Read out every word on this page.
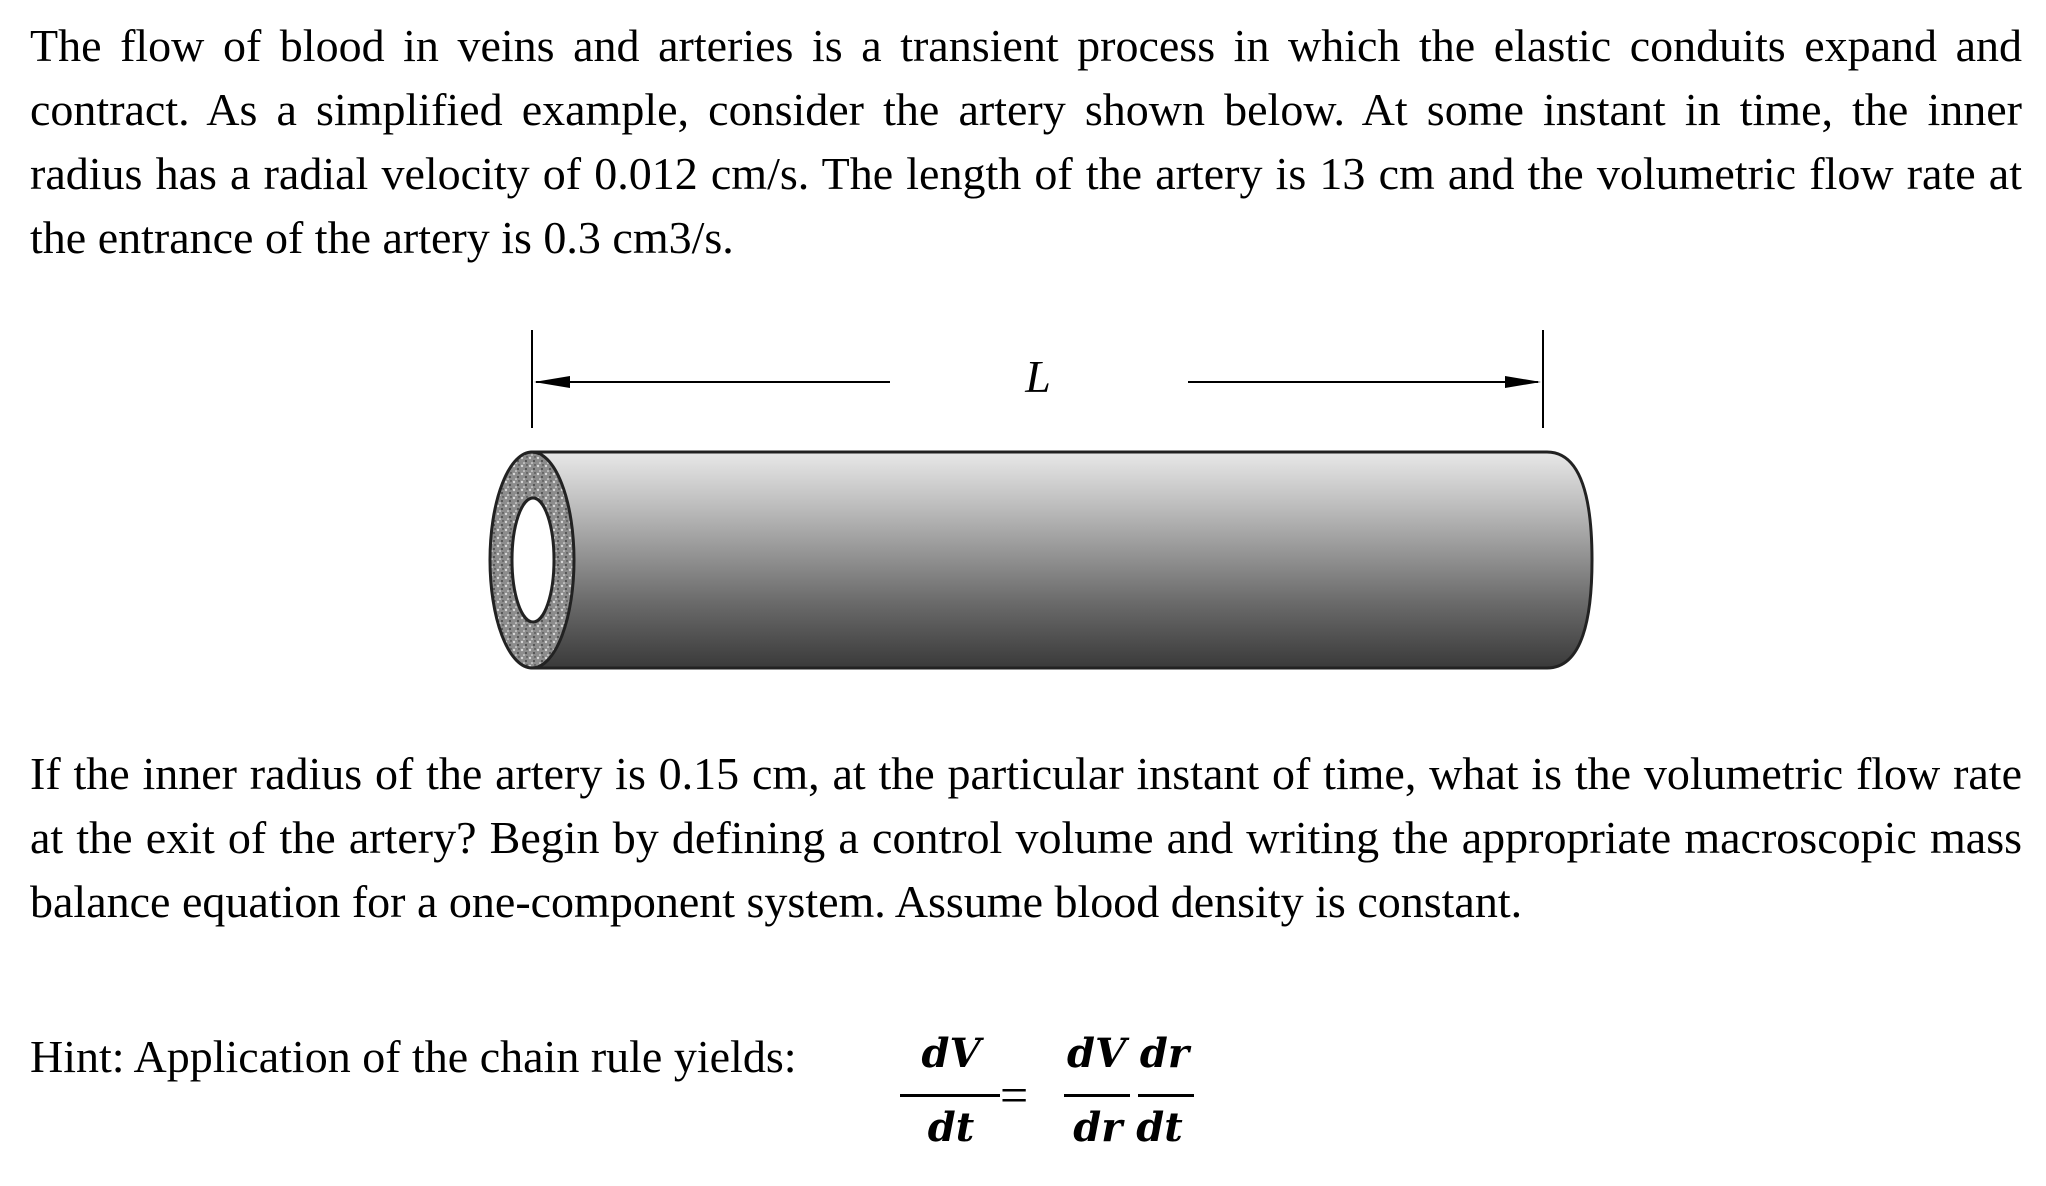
The flow of blood in veins and arteries is a transient process in which the elastic conduits expand and contract. As a simplified example, consider the artery shown below. At some instant in time, the inner radius has a radial velocity of 0.012 cm/s. The length of the artery is 13 cm and the volumetric flow rate at the entrance of the artery is 0.3 cm3/s.

L

If the inner radius of the artery is 0.15 cm, at the particular instant of time, what is the volumetric flow rate at the exit of the artery? Begin by defining a control volume and writing the appropriate macroscopic mass balance equation for a one-component system. Assume blood density is constant.

Hint: Application of the chain rule yields:	dV
dt
=
dV dr
dr dt
